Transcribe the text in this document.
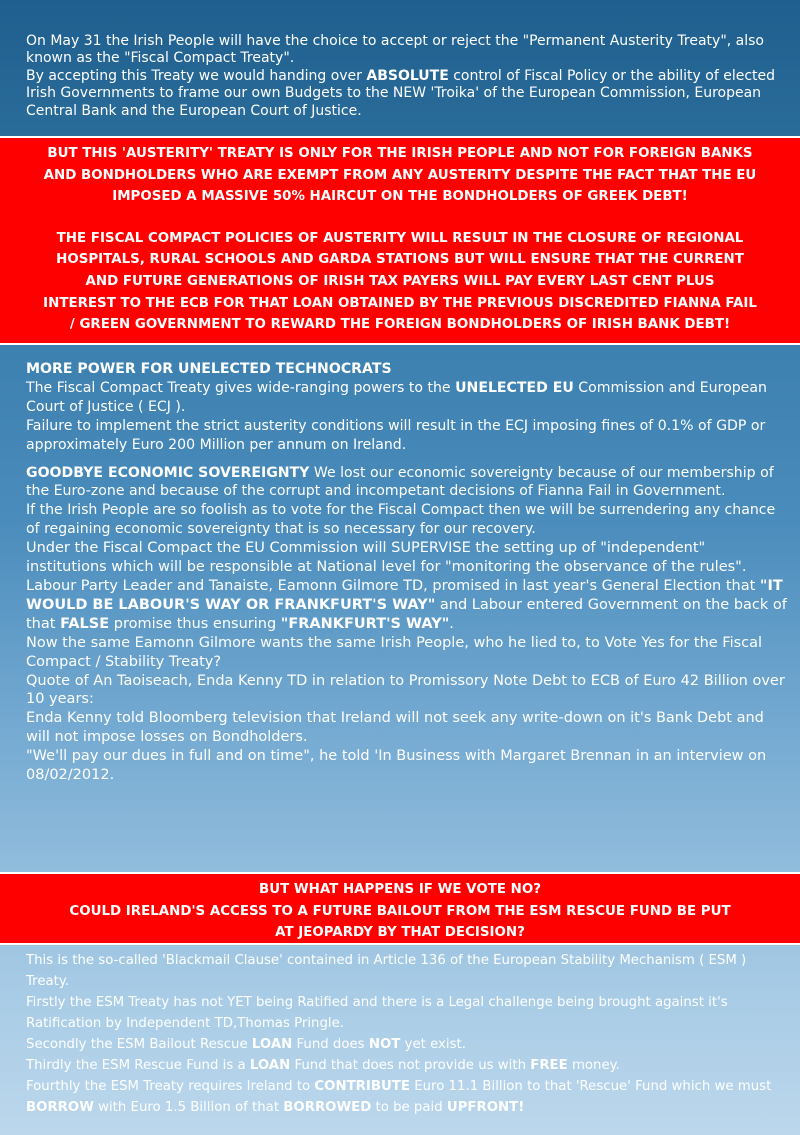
On May 31 the Irish People will have the choice to accept or reject the "Permanent Austerity Treaty", also known as the "Fiscal Compact Treaty".

By accepting this Treaty we would handing over ABSOLUTE control of Fiscal Policy or the ability of elected Irish Governments to frame our own Budgets to the NEW 'Troika' of the European Commission, European Central Bank and the European Court of Justice.

BUT THIS 'AUSTERITY' TREATY IS ONLY FOR THE IRISH PEOPLE AND NOT FOR FOREIGN BANKS

AND BONDHOLDERS WHO ARE EXEMPT FROM ANY AUSTERITY DESPITE THE FACT THAT THE EU

IMPOSED A MASSIVE 50% HAIRCUT ON THE BONDHOLDERS OF GREEK DEBT!

THE FISCAL COMPACT POLICIES OF AUSTERITY WILL RESULT IN THE CLOSURE OF REGIONAL

HOSPITALS, RURAL SCHOOLS AND GARDA STATIONS BUT WILL ENSURE THAT THE CURRENT

AND FUTURE GENERATIONS OF IRISH TAX PAYERS WILL PAY EVERY LAST CENT PLUS

INTEREST TO THE ECB FOR THAT LOAN OBTAINED BY THE PREVIOUS DISCREDITED FIANNA FAIL

/ GREEN GOVERNMENT TO REWARD THE FOREIGN BONDHOLDERS OF IRISH BANK DEBT!

MORE POWER FOR UNELECTED TECHNOCRATS

The Fiscal Compact Treaty gives wide-ranging powers to the UNELECTED EU Commission and European Court of Justice ( ECJ ).

Failure to implement the strict austerity conditions will result in the ECJ imposing fines of 0.1% of GDP or approximately Euro 200 Million per annum on Ireland.

GOODBYE ECONOMIC SOVEREIGNTY We lost our economic sovereignty because of our membership of the Euro-zone and because of the corrupt and incompetant decisions of Fianna Fail in Government.

If the Irish People are so foolish as to vote for the Fiscal Compact then we will be surrendering any chance of regaining economic sovereignty that is so necessary for our recovery.

Under the Fiscal Compact the EU Commission will SUPERVISE the setting up of "independent" institutions which will be responsible at National level for "monitoring the observance of the rules".

Labour Party Leader and Tanaiste, Eamonn Gilmore TD, promised in last year's General Election that "IT WOULD BE LABOUR'S WAY OR FRANKFURT'S WAY" and Labour entered Government on the back of that FALSE promise thus ensuring "FRANKFURT'S WAY".

Now the same Eamonn Gilmore wants the same Irish People, who he lied to, to Vote Yes for the Fiscal Compact / Stability Treaty?

Quote of An Taoiseach, Enda Kenny TD in relation to Promissory Note Debt to ECB of Euro 42 Billion over 10 years:

Enda Kenny told Bloomberg television that Ireland will not seek any write-down on it's Bank Debt and will not impose losses on Bondholders.

"We'll pay our dues in full and on time", he told 'In Business with Margaret Brennan in an interview on 08/02/2012.

BUT WHAT HAPPENS IF WE VOTE NO?

COULD IRELAND'S ACCESS TO A FUTURE BAILOUT FROM THE ESM RESCUE FUND BE PUT

AT JEOPARDY BY THAT DECISION?

This is the so-called 'Blackmail Clause' contained in Article 136 of the European Stability Mechanism ( ESM ) Treaty.

Firstly the ESM Treaty has not YET being Ratified and there is a Legal challenge being brought against it's Ratification by Independent TD,Thomas Pringle.

Secondly the ESM Bailout Rescue LOAN Fund does NOT yet exist.

Thirdly the ESM Rescue Fund is a LOAN Fund that does not provide us with FREE money.

Fourthly the ESM Treaty requires Ireland to CONTRIBUTE Euro 11.1 Billion to that 'Rescue' Fund which we must BORROW with Euro 1.5 Billion of that BORROWED to be paid UPFRONT!
